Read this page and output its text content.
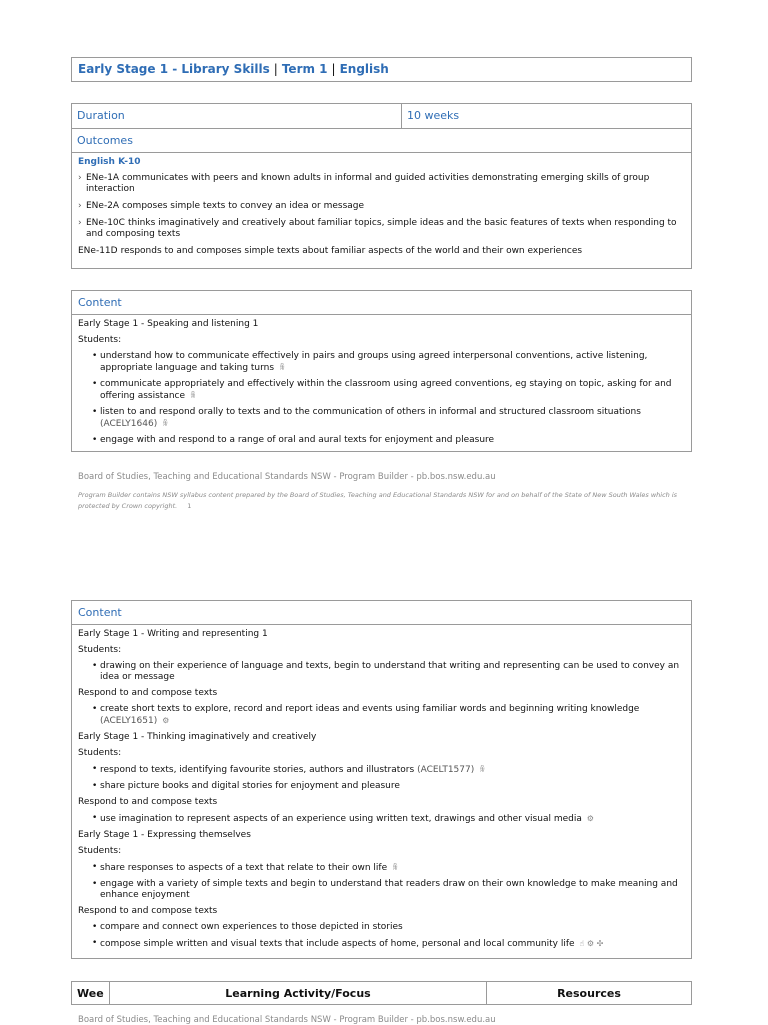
Early Stage 1 - Library Skills | Term 1 | English
Duration	10 weeks
Outcomes
English K-10
› ENe-1A communicates with peers and known adults in informal and guided activities demonstrating emerging skills of group interaction
› ENe-2A composes simple texts to convey an idea or message
› ENe-10C thinks imaginatively and creatively about familiar topics, simple ideas and the basic features of texts when responding to and composing texts
ENe-11D responds to and composes simple texts about familiar aspects of the world and their own experiences
Content
Early Stage 1 - Speaking and listening 1
Students:
• understand how to communicate effectively in pairs and groups using agreed interpersonal conventions, active listening, appropriate language and taking turns ꆜ
• communicate appropriately and effectively within the classroom using agreed conventions, eg staying on topic, asking for and offering assistance ꆜ
• listen to and respond orally to texts and to the communication of others in informal and structured classroom situations (ACELY1646) ꆜ
• engage with and respond to a range of oral and aural texts for enjoyment and pleasure
Board of Studies, Teaching and Educational Standards NSW - Program Builder - pb.bos.nsw.edu.au
Program Builder contains NSW syllabus content prepared by the Board of Studies, Teaching and Educational Standards NSW for and on behalf of the State of New South Wales which is protected by Crown copyright. 1
Content
Early Stage 1 - Writing and representing 1
Students:
• drawing on their experience of language and texts, begin to understand that writing and representing can be used to convey an idea or message
Respond to and compose texts
• create short texts to explore, record and report ideas and events using familiar words and beginning writing knowledge (ACELY1651) ⚙
Early Stage 1 - Thinking imaginatively and creatively
Students:
• respond to texts, identifying favourite stories, authors and illustrators (ACELT1577) ꆜ
• share picture books and digital stories for enjoyment and pleasure
Respond to and compose texts
• use imagination to represent aspects of an experience using written text, drawings and other visual media ⚙
Early Stage 1 - Expressing themselves
Students:
• share responses to aspects of a text that relate to their own life ꆜ
• engage with a variety of simple texts and begin to understand that readers draw on their own knowledge to make meaning and enhance enjoyment
Respond to and compose texts
• compare and connect own experiences to those depicted in stories
• compose simple written and visual texts that include aspects of home, personal and local community life ☝ ⚙ ✣
Wee	Learning Activity/Focus	Resources
Board of Studies, Teaching and Educational Standards NSW - Program Builder - pb.bos.nsw.edu.au
